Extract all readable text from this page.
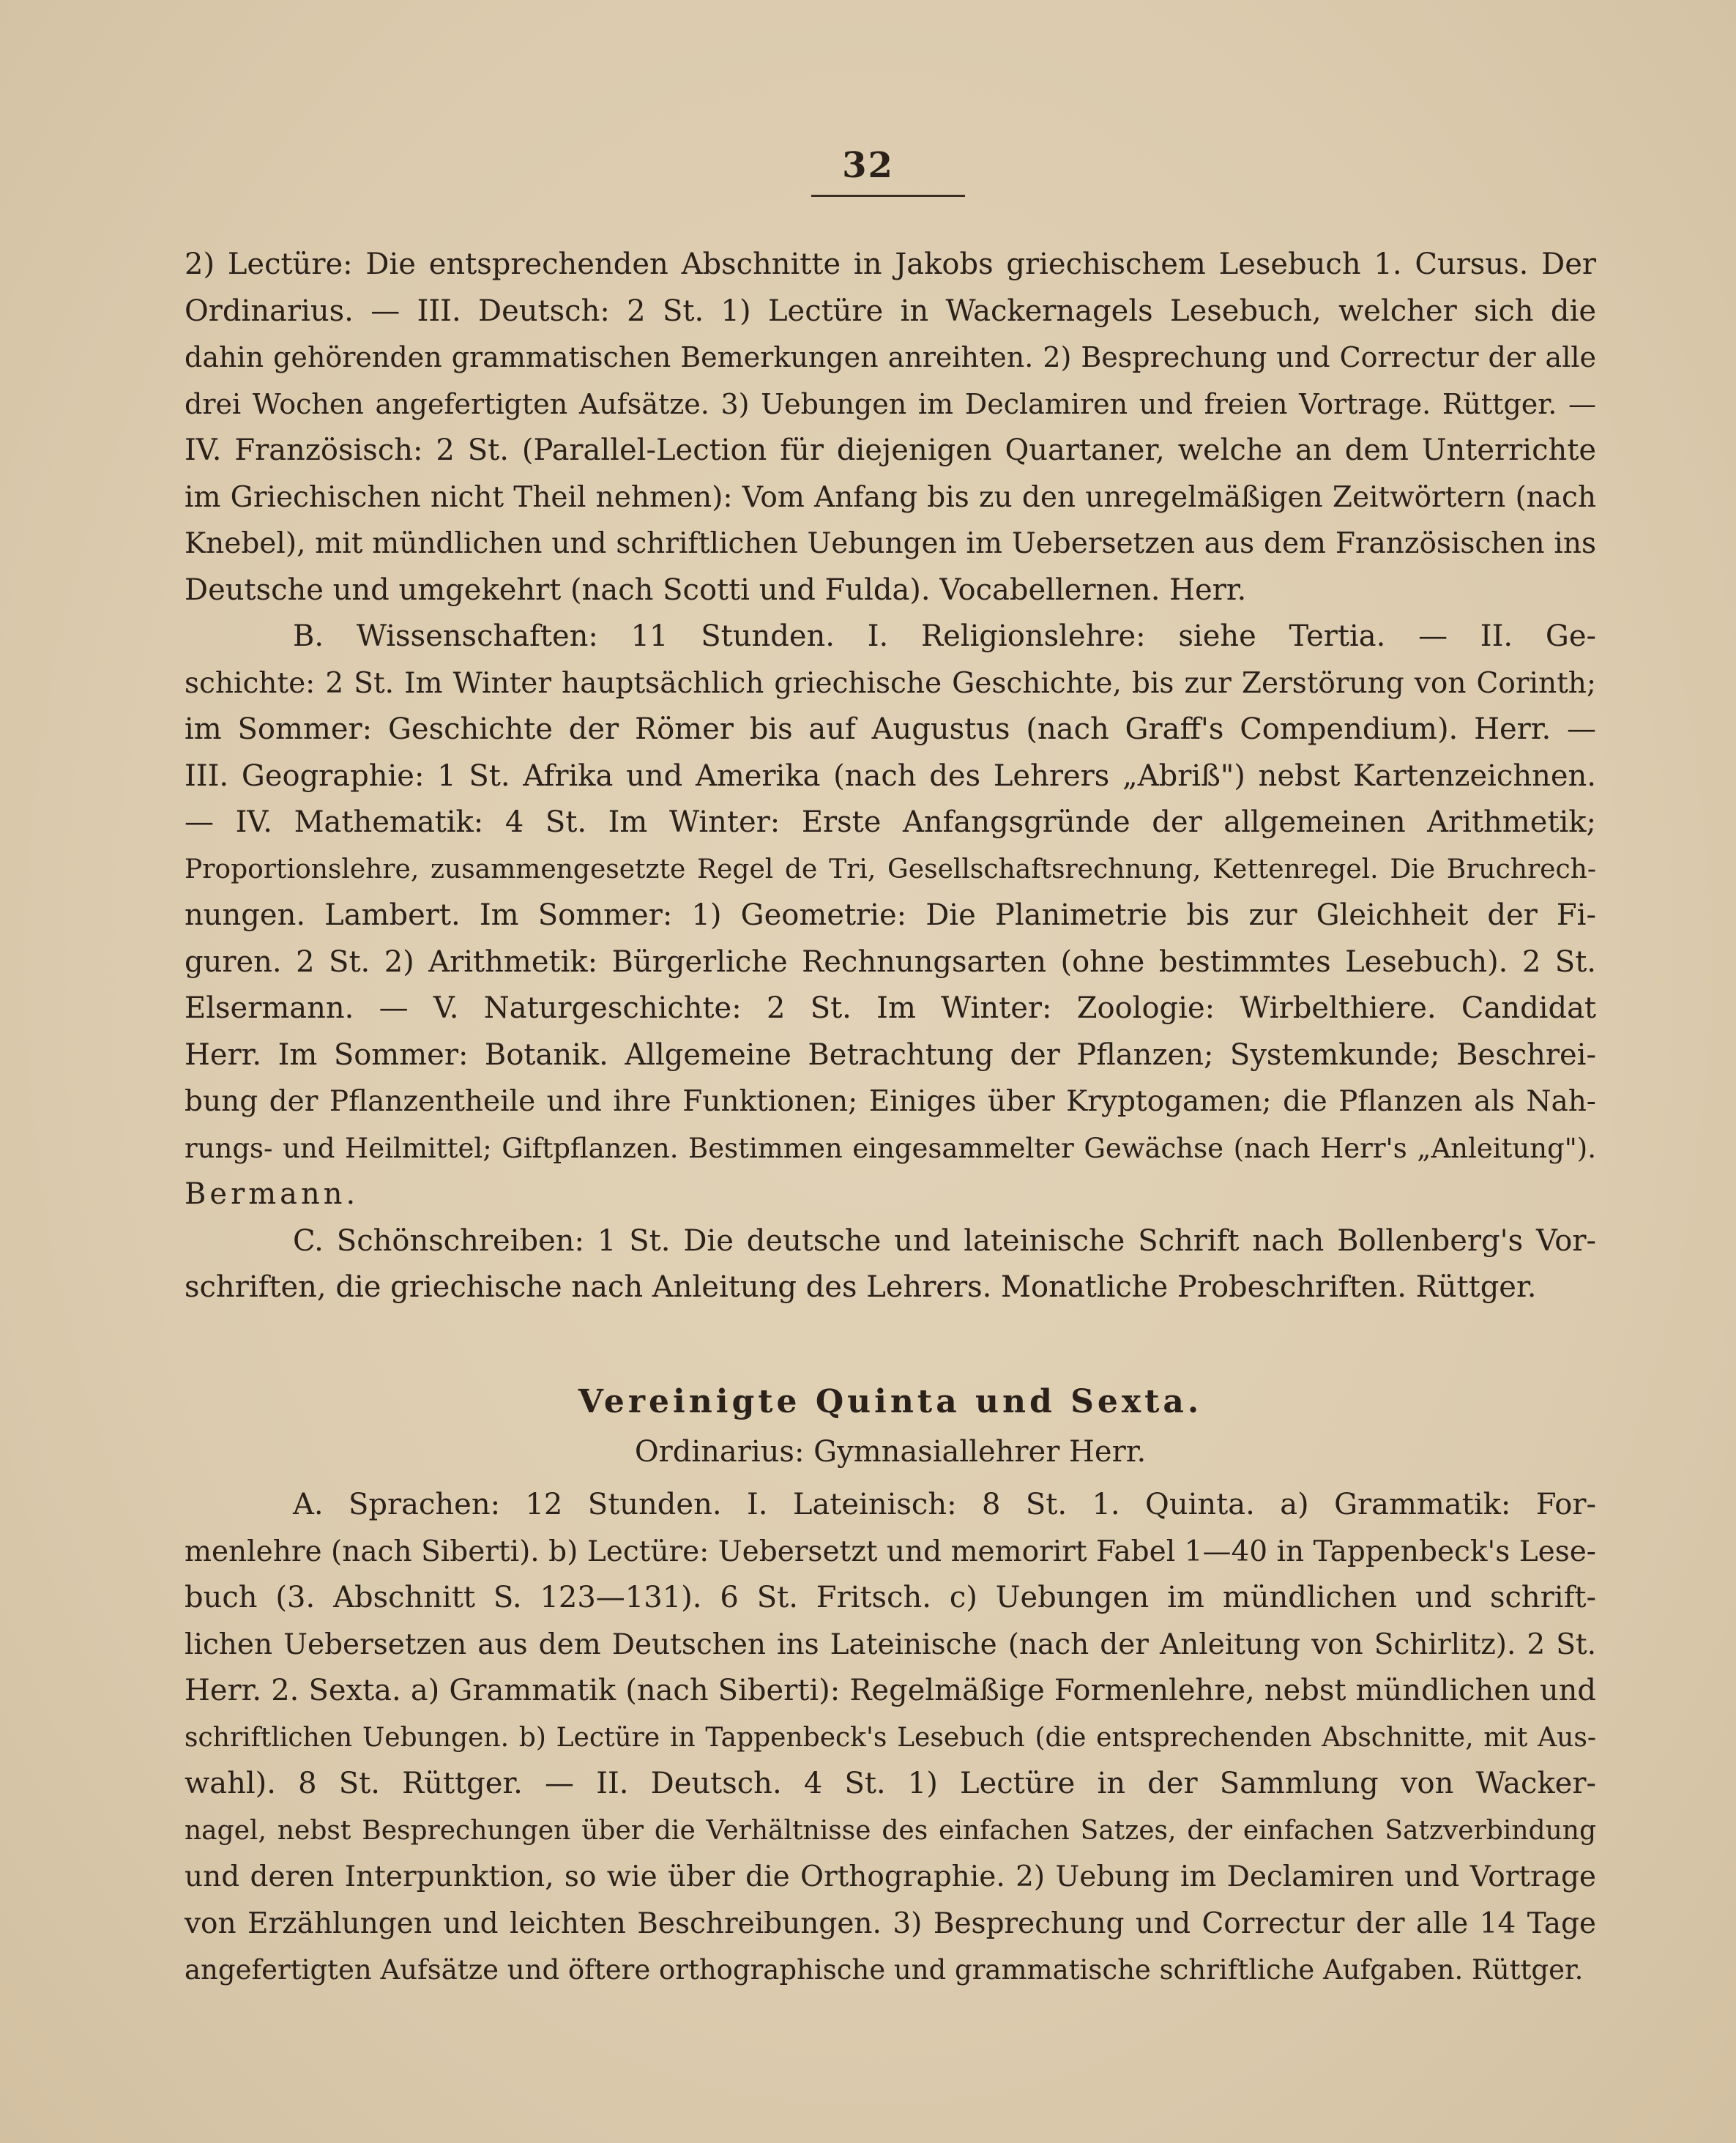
32
2) Lectüre: Die entsprechenden Abschnitte in Jakobs griechischem Lesebuch 1. Cursus. Der
Ordinarius. — III. Deutsch: 2 St. 1) Lectüre in Wackernagels Lesebuch, welcher sich die
dahin gehörenden grammatischen Bemerkungen anreihten. 2) Besprechung und Correctur der alle
drei Wochen angefertigten Aufsätze. 3) Uebungen im Declamiren und freien Vortrage. Rüttger. —
IV. Französisch: 2 St. (Parallel-Lection für diejenigen Quartaner, welche an dem Unterrichte
im Griechischen nicht Theil nehmen): Vom Anfang bis zu den unregelmäßigen Zeitwörtern (nach
Knebel), mit mündlichen und schriftlichen Uebungen im Uebersetzen aus dem Französischen ins
Deutsche und umgekehrt (nach Scotti und Fulda). Vocabellernen. Herr.
B. Wissenschaften: 11 Stunden. I. Religionslehre: siehe Tertia. — II. Ge-
schichte: 2 St. Im Winter hauptsächlich griechische Geschichte, bis zur Zerstörung von Corinth;
im Sommer: Geschichte der Römer bis auf Augustus (nach Graff's Compendium). Herr. —
III. Geographie: 1 St. Afrika und Amerika (nach des Lehrers „Abriß") nebst Kartenzeichnen.
— IV. Mathematik: 4 St. Im Winter: Erste Anfangsgründe der allgemeinen Arithmetik;
Proportionslehre, zusammengesetzte Regel de Tri, Gesellschaftsrechnung, Kettenregel. Die Bruchrech-
nungen. Lambert. Im Sommer: 1) Geometrie: Die Planimetrie bis zur Gleichheit der Fi-
guren. 2 St. 2) Arithmetik: Bürgerliche Rechnungsarten (ohne bestimmtes Lesebuch). 2 St.
Elsermann. — V. Naturgeschichte: 2 St. Im Winter: Zoologie: Wirbelthiere. Candidat
Herr. Im Sommer: Botanik. Allgemeine Betrachtung der Pflanzen; Systemkunde; Beschrei-
bung der Pflanzentheile und ihre Funktionen; Einiges über Kryptogamen; die Pflanzen als Nah-
rungs- und Heilmittel; Giftpflanzen. Bestimmen eingesammelter Gewächse (nach Herr's „Anleitung").
Bermann.
C. Schönschreiben: 1 St. Die deutsche und lateinische Schrift nach Bollenberg's Vor-
schriften, die griechische nach Anleitung des Lehrers. Monatliche Probeschriften. Rüttger.
Vereinigte Quinta und Sexta.
Ordinarius: Gymnasiallehrer Herr.
A. Sprachen: 12 Stunden. I. Lateinisch: 8 St. 1. Quinta. a) Grammatik: For-
menlehre (nach Siberti). b) Lectüre: Uebersetzt und memorirt Fabel 1—40 in Tappenbeck's Lese-
buch (3. Abschnitt S. 123—131). 6 St. Fritsch. c) Uebungen im mündlichen und schrift-
lichen Uebersetzen aus dem Deutschen ins Lateinische (nach der Anleitung von Schirlitz). 2 St.
Herr. 2. Sexta. a) Grammatik (nach Siberti): Regelmäßige Formenlehre, nebst mündlichen und
schriftlichen Uebungen. b) Lectüre in Tappenbeck's Lesebuch (die entsprechenden Abschnitte, mit Aus-
wahl). 8 St. Rüttger. — II. Deutsch. 4 St. 1) Lectüre in der Sammlung von Wacker-
nagel, nebst Besprechungen über die Verhältnisse des einfachen Satzes, der einfachen Satzverbindung
und deren Interpunktion, so wie über die Orthographie. 2) Uebung im Declamiren und Vortrage
von Erzählungen und leichten Beschreibungen. 3) Besprechung und Correctur der alle 14 Tage
angefertigten Aufsätze und öftere orthographische und grammatische schriftliche Aufgaben. Rüttger.
